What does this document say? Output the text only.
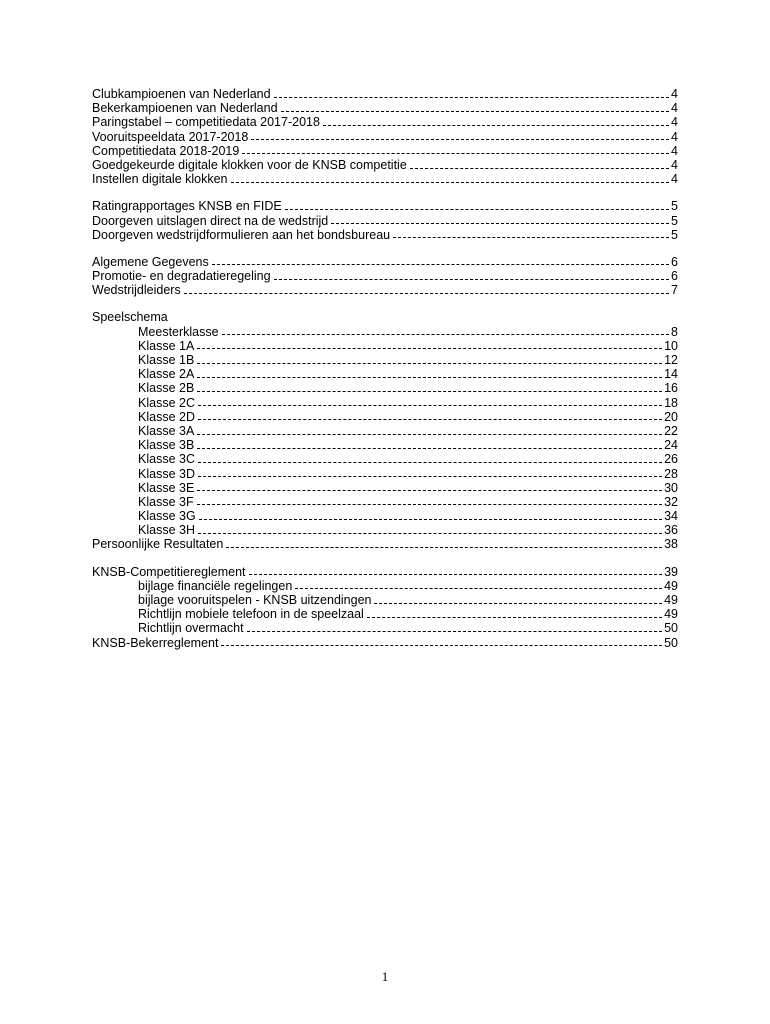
Clubkampioenen van Nederland	4
Bekerkampioenen van Nederland	4
Paringstabel – competitiedata 2017-2018	4
Vooruitspeeldata 2017-2018	4
Competitiedata 2018-2019	4
Goedgekeurde digitale klokken voor de KNSB competitie	4
Instellen digitale klokken	4
Ratingrapportages KNSB en FIDE	5
Doorgeven uitslagen direct na de wedstrijd	5
Doorgeven wedstrijdformulieren aan het bondsbureau	5
Algemene Gegevens	6
Promotie- en degradatieregeling	6
Wedstrijdleiders	7
Speelschema
Meesterklasse	8
Klasse 1A	10
Klasse 1B	12
Klasse 2A	14
Klasse 2B	16
Klasse 2C	18
Klasse 2D	20
Klasse 3A	22
Klasse 3B	24
Klasse 3C	26
Klasse 3D	28
Klasse 3E	30
Klasse 3F	32
Klasse 3G	34
Klasse 3H	36
Persoonlijke Resultaten	38
KNSB-Competitiereglement	39
bijlage financiële regelingen	49
bijlage vooruitspelen - KNSB uitzendingen	49
Richtlijn mobiele telefoon in de speelzaal	49
Richtlijn overmacht	50
KNSB-Bekerreglement	50
1
